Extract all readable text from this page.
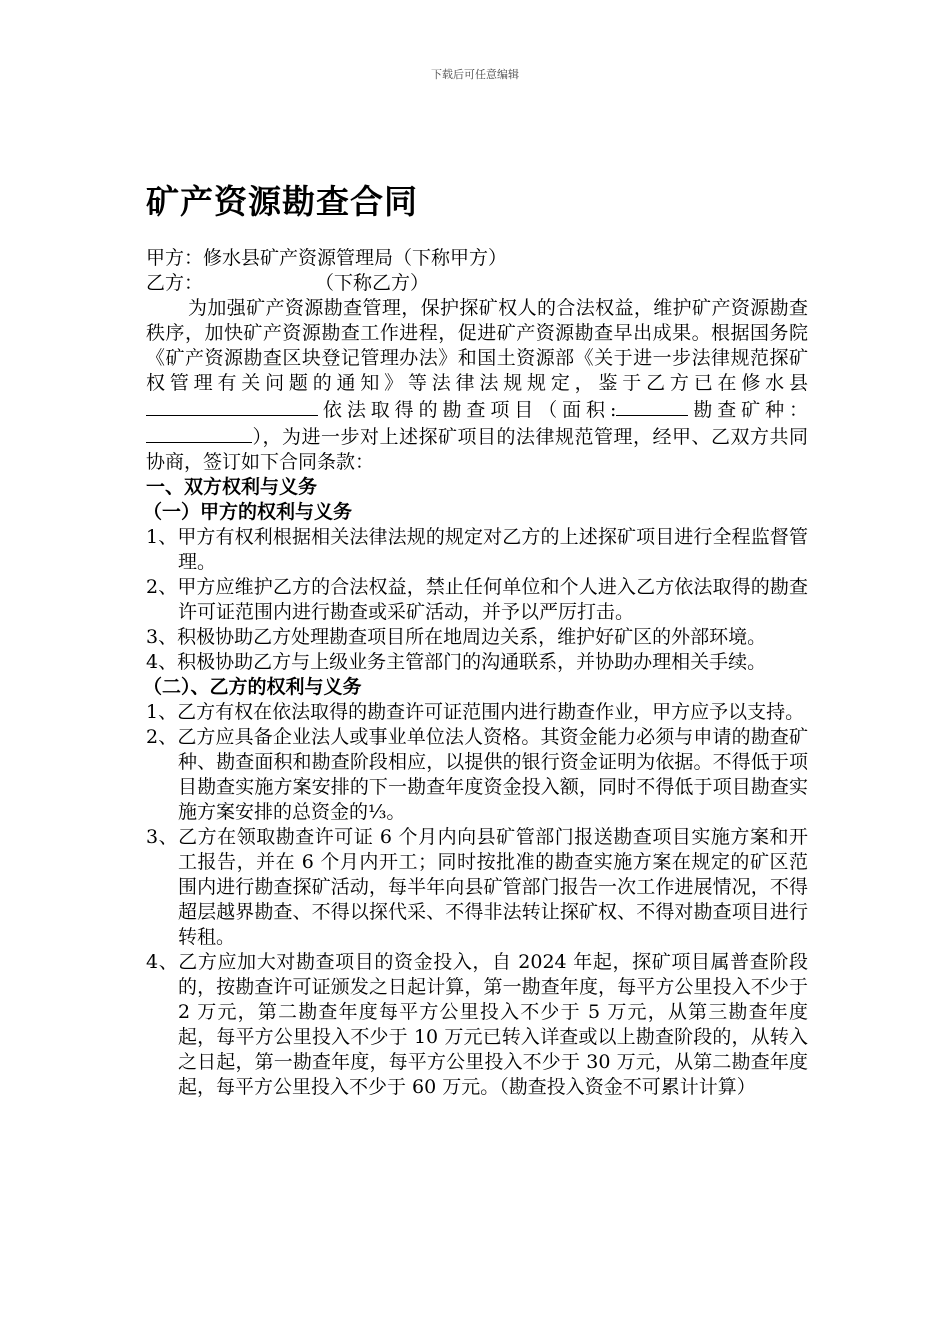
下载后可任意编辑
矿产资源勘查合同

甲方：修水县矿产资源管理局（下称甲方）

乙方：	（下称乙方）

为加强矿产资源勘查管理，保护探矿权人的合法权益，维护矿产资源勘查秩序，加快矿产资源勘查工作进程，促进矿产资源勘查早出成果。根据国务院《矿产资源勘查区块登记管理办法》和国土资源部《关于进一步法律规范探矿权管理有关问题的通知》等法律法规规定，鉴于乙方已在修水县依法取得的勘查项目（面积:	勘查矿种：），为进一步对上述探矿项目的法律规范管理，经甲、乙双方共同协商，签订如下合同条款：

一、双方权利与义务

（一）甲方的权利与义务

1、甲方有权利根据相关法律法规的规定对乙方的上述探矿项目进行全程监督管理。

2、甲方应维护乙方的合法权益，禁止任何单位和个人进入乙方依法取得的勘查许可证范围内进行勘查或采矿活动，并予以严厉打击。

3、积极协助乙方处理勘查项目所在地周边关系，维护好矿区的外部环境。

4、积极协助乙方与上级业务主管部门的沟通联系，并协助办理相关手续。

（二）、乙方的权利与义务

1、乙方有权在依法取得的勘查许可证范围内进行勘查作业，甲方应予以支持。

2、乙方应具备企业法人或事业单位法人资格。其资金能力必须与申请的勘查矿种、勘查面积和勘查阶段相应，以提供的银行资金证明为依据。不得低于项目勘查实施方案安排的下一勘查年度资金投入额，同时不得低于项目勘查实施方案安排的总资金的⅓。

3、乙方在领取勘查许可证 6 个月内向县矿管部门报送勘查项目实施方案和开工报告，并在 6 个月内开工；同时按批准的勘查实施方案在规定的矿区范围内进行勘查探矿活动，每半年向县矿管部门报告一次工作进展情况，不得超层越界勘查、不得以探代采、不得非法转让探矿权、不得对勘查项目进行转租。

4、乙方应加大对勘查项目的资金投入，自 2024 年起，探矿项目属普查阶段的，按勘查许可证颁发之日起计算，第一勘查年度，每平方公里投入不少于 2 万元，第二勘查年度每平方公里投入不少于 5 万元，从第三勘查年度起，每平方公里投入不少于 10 万元已转入详查或以上勘查阶段的，从转入之日起，第一勘查年度，每平方公里投入不少于 30 万元，从第二勘查年度起，每平方公里投入不少于 60 万元。（勘查投入资金不可累计计算）
